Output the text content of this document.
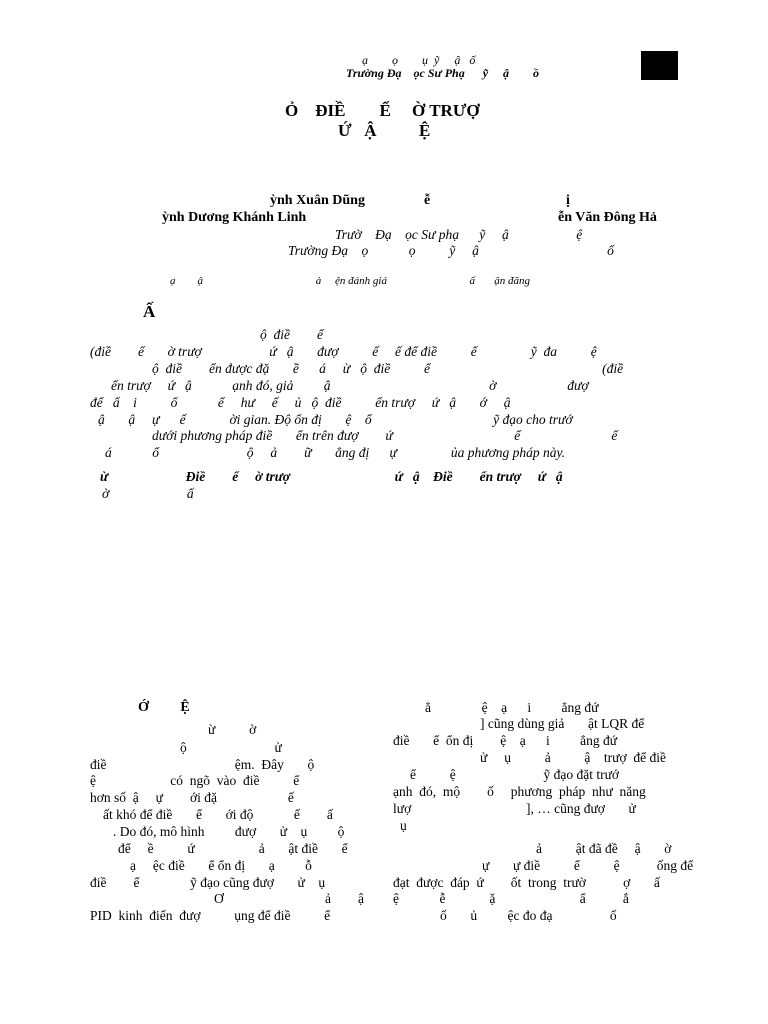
ạ        ọ        ụ  ỹ     ậ   ố
Trường Đạ    ọc Sư Phạ      ỹ     ậ        ồ
Ỏ    ĐIỀ        Ể     Ờ TRƯỢ
Ứ   Ậ          Ệ
ỳnh Xuân Dũng	ễ	ị
ỳnh Dương Khánh Linh	ễn Văn Đông Hả
Trườ    Đạ    ọc Sư phạ      ỹ     ậ                    ệ
Trường Đạ    ọ            ọ          ỹ     ậ                                      ố
ạ        ậ                                         ả     ện đánh giá                              ấ       ận đăng
Ấ
ộ  điề        ể
(điề        ể       ờ trượ                    ứ   ậ       đượ          ế     ế để điề          ể                ỹ  đa          ệ
ộ  điề        ển được đặ       ề      á     ừ   ộ  điề          ể                                                   (điề
ển trượ     ứ   ậ            ạnh đó, giả         ậ                                               ờ                     đượ
để   ấ    i          ổ            ể     hư     ế     ủ   ộ  điề          ển trượ     ứ   ậ       ớ     ậ
ậ       ậ     ự      ế             ời gian. Độ ổn đị       ệ    ổ                                    ỹ đạo cho trướ
dưới phương pháp điề       ển trên đượ        ứ                                    ể                           ể
á            ổ                          ộ     ả        ữ       ẳng đị      ự                ủa phương pháp này.
ừ                       Điề        ể     ờ trượ                               ứ   ậ    Điề        ển trượ     ứ   ậ
ờ                       ấ
Ớ         Ệ
ừ          ờ
ộ                          ử
điề                                      ệm.  Đây       ộ
ệ                      có  ngõ  vào  điề          ể
hơn số  ậ     ự        ới đặ                     ế
ất khó để điề       ể       ới độ            ế        ấ
. Do đó, mô hình         đượ       ử    ụ         ộ
để     ề          ứ                   ả       ật điề       ể
ạ     ệc điề       ể ổn đị       ạ         ỗ
điề        ể               ỹ đạo cũng đượ       ử    ụ
Ơ                              ả        ậ
PID  kinh  điển  đượ          ụng để điề          ể
ẳ               ệ    ạ      i         ẳng đứ
] cũng dùng giả       ật LQR để
điề       ể  ổn đị        ệ    ạ      i         ẳng đứ
ử     ụ          ả          ậ    trượ  để điề
ể          ệ                          ỹ đạo đặt trướ
ạnh  đó,  mộ        ố     phương  pháp  như  năng
lượ                                  ], … cũng đượ       ử
ụ
ả          ật đã đề     ậ       ờ
ự       ự điề          ể          ệ           ống để
đạt  được  đáp  ứ        ốt  trong  trườ           ợ       ấ
ệ            ễ             ặ                         ẩ           ắ
ố       ủ         ệc đo đạ                 ố
